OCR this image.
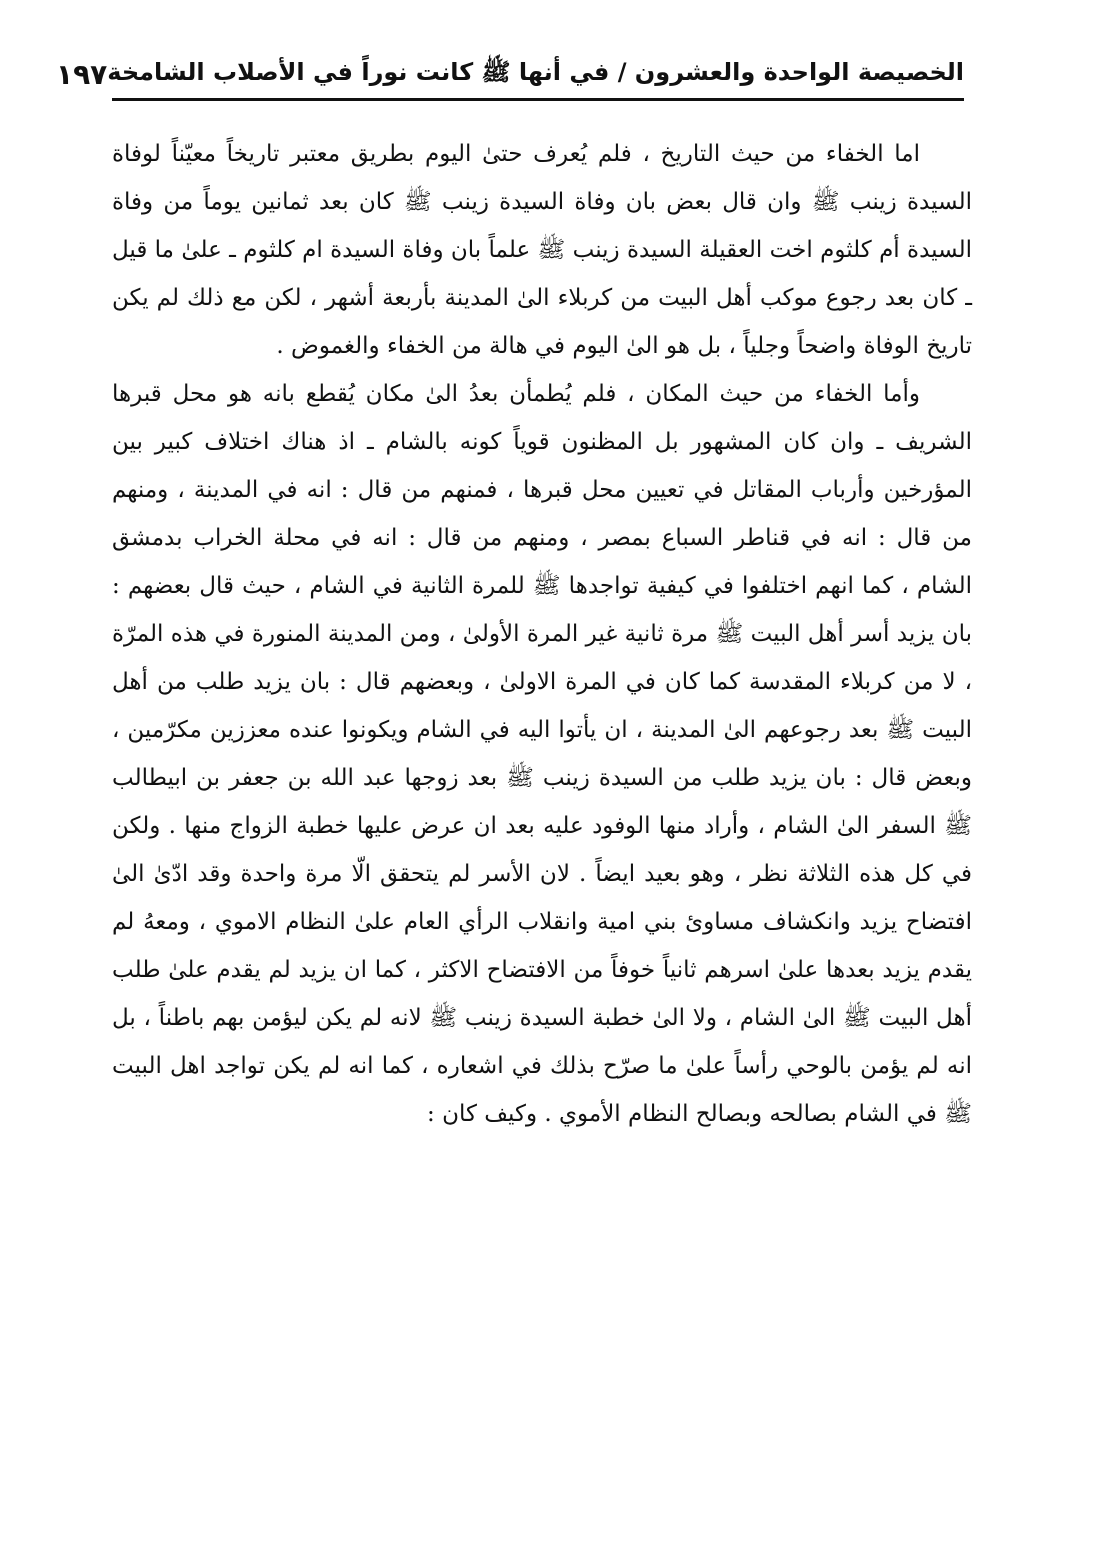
الخصيصة الواحدة والعشرون / في أنها ﷺ كانت نوراً في الأصلاب الشامخة
١٩٧

اما الخفاء من حيث التاريخ ، فلم يُعرف حتىٰ اليوم بطريق معتبر تاريخاً معيّناً لوفاة السيدة زينب ﷺ وان قال بعض بان وفاة السيدة زينب ﷺ كان بعد ثمانين يوماً من وفاة السيدة أم كلثوم اخت العقيلة السيدة زينب ﷺ علماً بان وفاة السيدة ام كلثوم ـ علىٰ ما قيل ـ كان بعد رجوع موكب أهل البيت من كربلاء الىٰ المدينة بأربعة أشهر ، لكن مع ذلك لم يكن تاريخ الوفاة واضحاً وجلياً ، بل هو الىٰ اليوم في هالة من الخفاء والغموض .

وأما الخفاء من حيث المكان ، فلم يُطمأن بعدُ الىٰ مكان يُقطع بانه هو محل قبرها الشريف ـ وان كان المشهور بل المظنون قوياً كونه بالشام ـ اذ هناك اختلاف كبير بين المؤرخين وأرباب المقاتل في تعيين محل قبرها ، فمنهم من قال : انه في المدينة ، ومنهم من قال : انه في قناطر السباع بمصر ، ومنهم من قال : انه في محلة الخراب بدمشق الشام ، كما انهم اختلفوا في كيفية تواجدها ﷺ للمرة الثانية في الشام ، حيث قال بعضهم : بان يزيد أسر أهل البيت ﷺ مرة ثانية غير المرة الأولىٰ ، ومن المدينة المنورة في هذه المرّة ، لا من كربلاء المقدسة كما كان في المرة الاولىٰ ، وبعضهم قال : بان يزيد طلب من أهل البيت ﷺ بعد رجوعهم الىٰ المدينة ، ان يأتوا اليه في الشام ويكونوا عنده معززين مكرّمين ، وبعض قال : بان يزيد طلب من السيدة زينب ﷺ بعد زوجها عبد الله بن جعفر بن ابيطالب ﷺ السفر الىٰ الشام ، وأراد منها الوفود عليه بعد ان عرض عليها خطبة الزواج منها . ولكن في كل هذه الثلاثة نظر ، وهو بعيد ايضاً . لان الأسر لم يتحقق الّا مرة واحدة وقد ادّىٰ الىٰ افتضاح يزيد وانكشاف مساوئ بني امية وانقلاب الرأي العام علىٰ النظام الاموي ، ومعهُ لم يقدم يزيد بعدها علىٰ اسرهم ثانياً خوفاً من الافتضاح الاكثر ، كما ان يزيد لم يقدم علىٰ طلب أهل البيت ﷺ الىٰ الشام ، ولا الىٰ خطبة السيدة زينب ﷺ لانه لم يكن ليؤمن بهم باطناً ، بل انه لم يؤمن بالوحي رأساً علىٰ ما صرّح بذلك في اشعاره ، كما انه لم يكن تواجد اهل البيت ﷺ في الشام بصالحه وبصالح النظام الأموي . وكيف كان :
